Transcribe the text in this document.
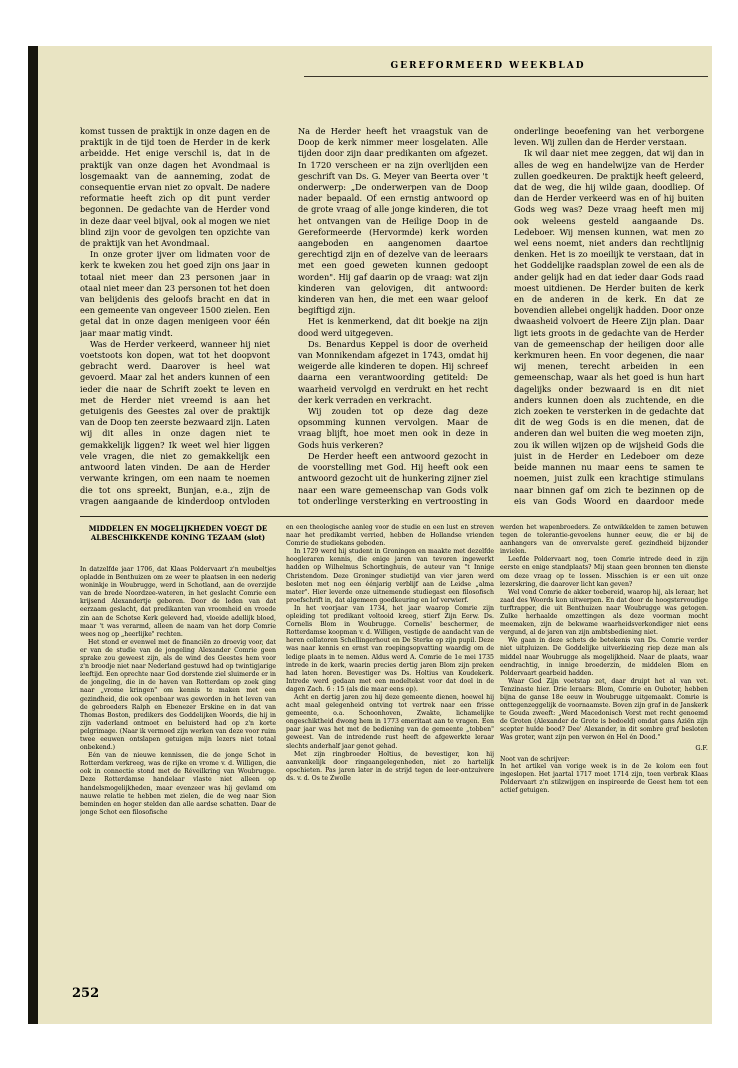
GEREFORMEERD WEEKBLAD

komst tussen de praktijk in onze dagen en de praktijk in de tijd toen de Herder in de kerk arbeidde. Het enige verschil is, dat in de praktijk van onze dagen het Avondmaal is losgemaakt van de aanneming, zodat de consequentie ervan niet zo opvalt. De nadere reformatie heeft zich op dit punt verder begonnen. De gedachte van de Herder vond in deze daar veel bijval, ook al mogen we niet blind zijn voor de gevolgen ten opzichte van de praktijk van het Avondmaal.

In onze groter ijver om lidmaten voor de kerk te kweken zou het goed zijn ons jaar in totaal niet meer dan 23 personen jaar in otaal niet meer dan 23 personen tot het doen van belijdenis des geloofs bracht en dat in een gemeente van ongeveer 1500 zielen. Een getal dat in onze dagen menigeen voor één jaar maar matig vindt.

Was de Herder verkeerd, wanneer hij niet voetstoots kon dopen, wat tot het doopvont gebracht werd. Daarover is heel wat gevoerd. Maar zal het anders kunnen of een ieder die naar de Schrift zoekt te leven en met de Herder niet vreemd is aan het getuigenis des Geestes zal over de praktijk van de Doop ten zeerste bezwaard zijn. Laten wij dit alles in onze dagen niet te gemakkelijk liggen? Ik weet wel hier liggen vele vragen, die niet zo gemakkelijk een antwoord laten vinden. De aan de Herder verwante kringen, om een naam te noemen die tot ons spreekt, Bunjan, e.a., zijn de vragen aangaande de kinderdoop ontvloden

Na de Herder heeft het vraagstuk van de Doop de kerk nimmer meer losgelaten. Alle tijden door zijn daar predikanten om afgezet. In 1720 verscheen er na zijn overlijden een geschrift van Ds. G. Meyer van Beerta over 't onderwerp: „De onderwerpen van de Doop nader bepaald. Of een ernstig antwoord op de grote vraag of alle jonge kinderen, die tot het ontvangen van de Heilige Doop in de Gereformeerde (Hervormde) kerk worden aangeboden en aangenomen daartoe gerechtigd zijn en of dezelve van de leeraars met een goed geweten kunnen gedoopt worden". Hij gaf daarin op de vraag: wat zijn kinderen van gelovigen, dit antwoord: kinderen van hen, die met een waar geloof begiftigd zijn.

Het is kenmerkend, dat dit boekje na zijn dood werd uitgegeven.

Ds. Benardus Keppel is door de overheid van Monnikendam afgezet in 1743, omdat hij weigerde alle kinderen te dopen. Hij schreef daarna een verantwoording getiteld: De waarheid vervolgd en verdrukt en het recht der kerk verraden en verkracht.

Wij zouden tot op deze dag deze opsomming kunnen vervolgen. Maar de vraag blijft, hoe moet men ook in deze in Gods huis verkeren?

De Herder heeft een antwoord gezocht in de voorstelling met God. Hij heeft ook een antwoord gezocht uit de hunkering zijner ziel naar een ware gemeenschap van Gods volk tot onderlinge versterking en vertroosting in

onderlinge beoefening van het verborgene leven. Wij zullen dan de Herder verstaan.

Ik wil daar niet mee zeggen, dat wij dan in alles de weg en handelwijze van de Herder zullen goedkeuren. De praktijk heeft geleerd, dat de weg, die hij wilde gaan, doodliep. Of dan de Herder verkeerd was en of hij buiten Gods weg was? Deze vraag heeft men mij ook weleens gesteld aangaande Ds. Ledeboer. Wij mensen kunnen, wat men zo wel eens noemt, niet anders dan rechtlijnig denken. Het is zo moeilijk te verstaan, dat in het Goddelijke raadsplan zowel de een als de ander gelijk had en dat ieder daar Gods raad moest uitdienen. De Herder buiten de kerk en de anderen in de kerk. En dat ze bovendien allebei ongelijk hadden. Door onze dwaasheid volvoert de Heere Zijn plan. Daar ligt iets groots in de gedachte van de Herder van de gemeenschap der heiligen door alle kerkmuren heen. En voor degenen, die naar wij menen, terecht arbeiden in een gemeenschap, waar als het goed is hun hart dagelijks onder bezwaard is en dit niet anders kunnen doen als zuchtende, en die zich zoeken te versterken in de gedachte dat dit de weg Gods is en die menen, dat de anderen dan wel buiten die weg moeten zijn, zou ik willen wijzen op de wijsheid Gods die juist in de Herder en Ledeboer om deze beide mannen nu maar eens te samen te noemen, juist zulk een krachtige stimulans naar binnen gaf om zich te bezinnen op de eis van Gods Woord en daardoor mede

MIDDELEN EN MOGELIJKHEDEN VOEGT DE ALBESCHIKKENDE KONING TEZAAM (slot)

In datzelfde jaar 1706, dat Klaas Poldervaart z'n meubeltjes opladde in Benthuizen om ze weer te plaatsen in een nederig woninkje in Woubrugge, werd in Schotland, aan de overzijde van de brede Noordzee-wateren, in het geslacht Comrie een krijsend Alexandertje geboren. Door de leden van dat eerzaam geslacht, dat predikanten van vroomheid en vroede zin aan de Schotse Kerk geleverd had, vloeide adellijk bloed, maar 't was verarmd, alleen de naam van het dorp Comrie wees nog op „heerlijke" rechten.

Het stond er evenwel met de financiën zo droevig voor, dat er van de studie van de jongeling Alexander Comrie geen sprake zou geweest zijn, als de wind des Geestes hem voor z'n broodje niet naar Nederland gestuwd had op twintigjarige leeftijd. Een oprechte naar God dorstende ziel sluimerde er in de jongeling, die in de haven van Rotterdam op zoek ging naar „vrome kringen" om kennis te maken met een gezindheid, die ook openbaar was geworden in het leven van de gebroeders Ralph en Ebenezer Erskine en in dat van Thomas Boston, predikers des Goddelijken Woords, die hij in zijn vaderland ontmoet en beluisterd had op z'n korte pelgrimage. (Naar ik vermoed zijn werken van deze voor ruim twee eeuwen ontslapen getuigen mijn lezers niet totaal onbekend.)

Eén van de nieuwe kennissen, die de jonge Schot in Rotterdam verkreeg, was de rijke en vrome v. d. Willigen, die ook in connectie stond met de Réveilkring van Woubrugge. Deze Rotterdamse handelaar vlaste niet alleen op handelsmogelijkheden, maar evenzeer was hij gevlamd om nauwe relatie te hebben met zielen, die de weg naar Sion beminden en hoger stelden dan alle aardse schatten. Daar de jonge Schot een filosofische

en een theologische aanleg voor de studie en een lust en streven naar het predikambt verried, hebben de Hollandse vrienden Comrie de studiekans geboden.

In 1729 werd hij student in Groningen en maakte met dezelfde hoogleraren kennis, die enige jaren van tevoren ingewerkt hadden op Wilhelmus Schortinghuis, de auteur van "t Innige Christendom. Deze Groninger studietijd van vier jaren werd besloten met nog een éénjarig verblijf aan de Leidse „alma mater". Hier leverde onze uitnemende studiegast een filosofisch proefschrift in, dat algemeen goedkeuring en lof verwierf.

In het voorjaar van 1734, het jaar waarop Comrie zijn opleiding tot predikant voltooid kreeg, stierf Zijn Eerw. Ds. Cornelis Blom in Woubrugge. Cornelis' beschermer, de Rotterdamse koopman v. d. Willigen, vestigde de aandacht van de heren collatoren Schellingerhout en De Sterke op zijn pupil. Deze was naar kennis en ernst van roepingsopvatting waardig om de ledige plaats in te nemen. Aldus werd A. Comrie de 1e mei 1735 intrede in de kerk, waarin precies dertig jaren Blom zijn preken had laten horen. Bevestiger was Ds. Holtius van Koudekerk. Intrede werd gedaan met een modeltekst voor dat doel in de dagen Zach. 6 : 15 (als die maar eens op).

Acht en dertig jaren zou hij deze gemeente dienen, hoewel hij acht maal gelegenheid ontving tot vertrek naar een frisse gemeente, o.a. Schoonhoven, Zwakte, lichamelijke ongeschiktheid dwong hem in 1773 emeritaat aan te vragen. Een paar jaar was het met de bediening van de gemeente „tobben" geweest. Van de intredende rust heeft de afgewerkte leraar slechts anderhalf jaar genot gehad.

Met zijn ringbroeder Holtius, de bevestiger, kon hij aanvankelijk door ringaangelegenheden, niet zo hartelijk opschieten. Pas jaren later in de strijd tegen de leer-ontzuivere ds. v. d. Os te Zwolle

werden het wapenbroeders. Ze ontwikkelden te zamen betuwen tegen de tolerantie-gevoelens hunner eeuw, die er bij de aanhangers van de onvervalste geref. gezindheid bijzonder invielen.

Leefde Poldervaart nog, toen Comrie intrede deed in zijn eerste en enige standplaats? Mij staan geen bronnen ten dienste om deze vraag op te lossen. Misschien is er een uit onze lezerskring, die daarover licht kan geven?

Wel vond Comrie de akker toebereid, waarop hij, als leraar, het zaad des Woords kon uitwerpen. En dat door de hoogstervoudige turftrapper, die uit Benthuizen naar Woubrugge was getogen. Zulke herhaalde omzettingen als deze voorman mocht meemaken, zijn de bekwame waarheidsverkondiger niet eens vergund, al de jaren van zijn ambtsbediening niet.

We gaan in deze schets de betekenis van Ds. Comrie verder niet uitpluizen. De Goddelijke uitverkiezing riep deze man als middel naar Woubrugge als mogelijkheid. Naar de plaats, waar eendrachtig, in innige broederzin, de middelen Blom en Poldervaart gearbeid hadden.

Waar God Zijn voetstap zet, daar druipt het al van vet. Tenzinaste hier. Drie leraars: Blom, Comrie en Ouboter, hebben bijna de ganse 18e eeuw in Woubrugge uitgemaakt. Comrie is onttegenzeggelijk de voornaamste. Boven zijn graf in de Janskerk te Gouda zweeft: „Werd Macedonisch Vorst met recht genoemd de Groten (Alexander de Grote is bedoeld) omdat gans Aziën zijn scepter hulde bood? Dee' Alexander, in dit sombre graf besloten Was groter, want zijn pen verwon én Hel én Dood."

G.F.
Noot van de schrijver:

In het artikel van vorige week is in de 2e kolom een fout ingeslopen. Het jaartal 1717 moet 1714 zijn, toen verbrak Klaas Poldervaart z'n stilzwijgen en inspireerde de Geest hem tot een actief getuigen.

252
